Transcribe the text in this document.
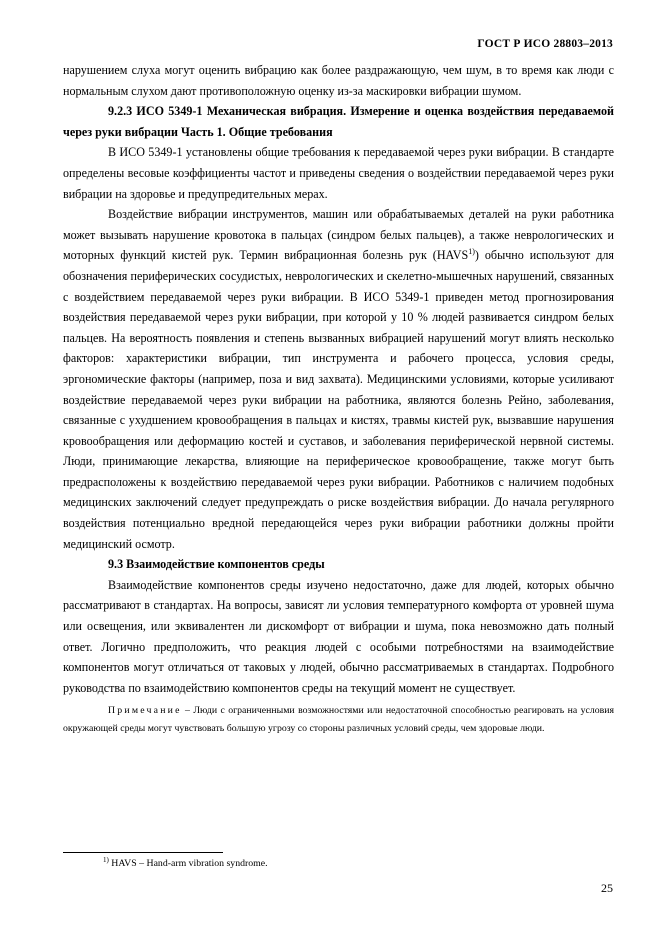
ГОСТ Р ИСО 28803–2013

нарушением слуха могут оценить вибрацию как более раздражающую, чем шум, в то время как люди с нормальным слухом дают противоположную оценку из-за маскировки вибрации шумом.

9.2.3 ИСО 5349-1 Механическая вибрация. Измерение и оценка воздействия передаваемой через руки вибрации Часть 1. Общие требования

В ИСО 5349-1 установлены общие требования к передаваемой через руки вибрации. В стандарте определены весовые коэффициенты частот и приведены сведения о воздействии передаваемой через руки вибрации на здоровье и предупредительных мерах.

Воздействие вибрации инструментов, машин или обрабатываемых деталей на руки работника может вызывать нарушение кровотока в пальцах (синдром белых пальцев), а также неврологических и моторных функций кистей рук. Термин вибрационная болезнь рук (HAVS$^{1)}$) обычно используют для обозначения периферических сосудистых, неврологических и скелетно-мышечных нарушений, связанных с воздействием передаваемой через руки вибрации. В ИСО 5349-1 приведен метод прогнозирования воздействия передаваемой через руки вибрации, при которой у 10 % людей развивается синдром белых пальцев. На вероятность появления и степень вызванных вибрацией нарушений могут влиять несколько факторов: характеристики вибрации, тип инструмента и рабочего процесса, условия среды, эргономические факторы (например, поза и вид захвата). Медицинскими условиями, которые усиливают воздействие передаваемой через руки вибрации на работника, являются болезнь Рейно, заболевания, связанные с ухудшением кровообращения в пальцах и кистях, травмы кистей рук, вызвавшие нарушения кровообращения или деформацию костей и суставов, и заболевания периферической нервной системы. Люди, принимающие лекарства, влияющие на периферическое кровообращение, также могут быть предрасположены к воздействию передаваемой через руки вибрации. Работников с наличием подобных медицинских заключений следует предупреждать о риске воздействия вибрации. До начала регулярного воздействия потенциально вредной передающейся через руки вибрации работники должны пройти медицинский осмотр.

9.3 Взаимодействие компонентов среды

Взаимодействие компонентов среды изучено недостаточно, даже для людей, которых обычно рассматривают в стандартах. На вопросы, зависят ли условия температурного комфорта от уровней шума или освещения, или эквивалентен ли дискомфорт от вибрации и шума, пока невозможно дать полный ответ. Логично предположить, что реакция людей с особыми потребностями на взаимодействие компонентов могут отличаться от таковых у людей, обычно рассматриваемых в стандартах. Подробного руководства по взаимодействию компонентов среды на текущий момент не существует.

Примечание – Люди с ограниченными возможностями или недостаточной способностью реагировать на условия окружающей среды могут чувствовать большую угрозу со стороны различных условий среды, чем здоровые люди.
$^{1)}$ HAVS – Hand-arm vibration syndrome.
25
